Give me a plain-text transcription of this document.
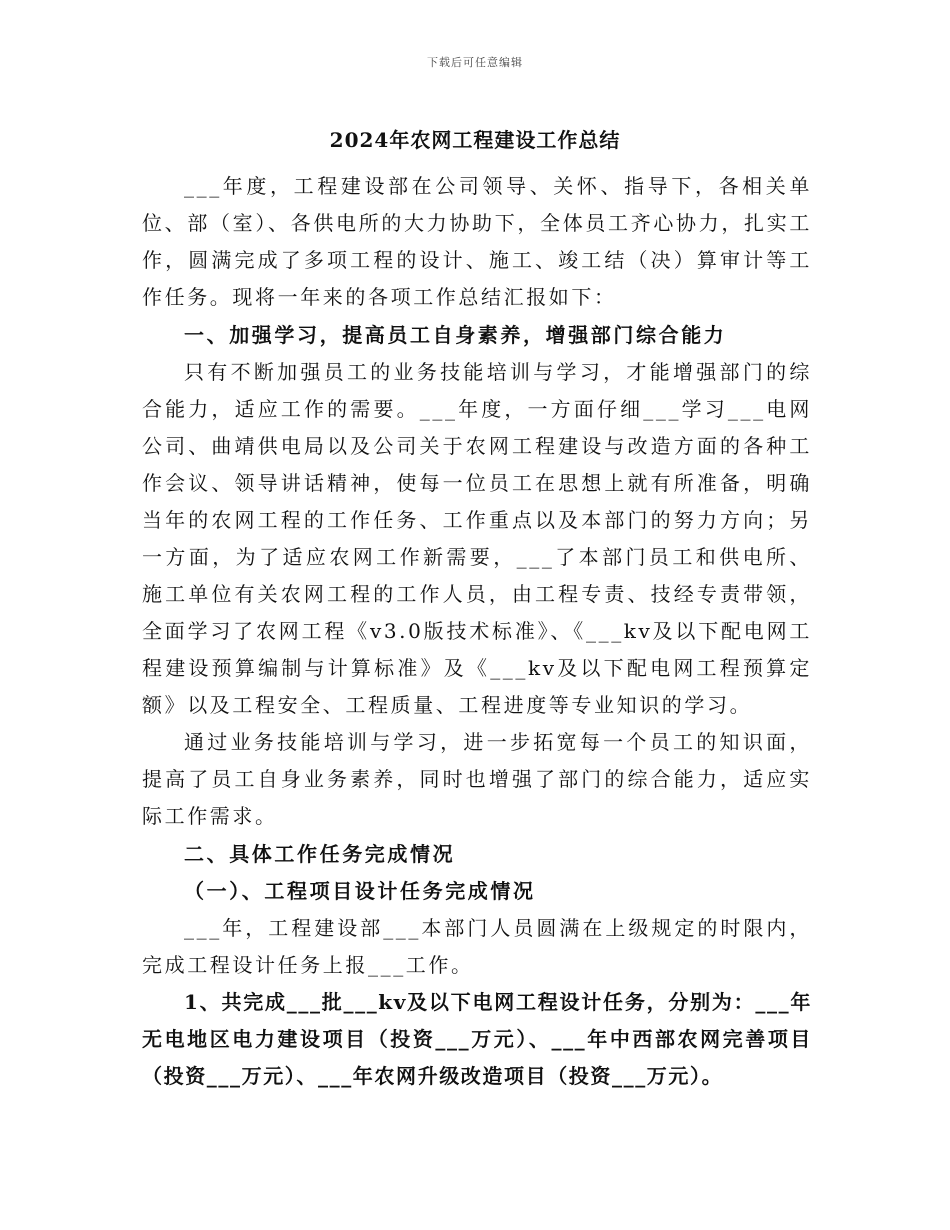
下载后可任意编辑
2024年农网工程建设工作总结

___年度，工程建设部在公司领导、关怀、指导下，各相关单位、部（室）、各供电所的大力协助下，全体员工齐心协力，扎实工作，圆满完成了多项工程的设计、施工、竣工结（决）算审计等工作任务。现将一年来的各项工作总结汇报如下：

一、加强学习，提高员工自身素养，增强部门综合能力

只有不断加强员工的业务技能培训与学习，才能增强部门的综合能力，适应工作的需要。___年度，一方面仔细___学习___电网公司、曲靖供电局以及公司关于农网工程建设与改造方面的各种工作会议、领导讲话精神，使每一位员工在思想上就有所准备，明确当年的农网工程的工作任务、工作重点以及本部门的努力方向；另一方面，为了适应农网工作新需要，___了本部门员工和供电所、施工单位有关农网工程的工作人员，由工程专责、技经专责带领，全面学习了农网工程《v3.0版技术标准》、《___kv及以下配电网工程建设预算编制与计算标准》及《___kv及以下配电网工程预算定额》以及工程安全、工程质量、工程进度等专业知识的学习。

通过业务技能培训与学习，进一步拓宽每一个员工的知识面，提高了员工自身业务素养，同时也增强了部门的综合能力，适应实际工作需求。

二、具体工作任务完成情况

（一）、工程项目设计任务完成情况

___年，工程建设部___本部门人员圆满在上级规定的时限内，完成工程设计任务上报___工作。

1、共完成___批___kv及以下电网工程设计任务，分别为：___年无电地区电力建设项目（投资___万元）、___年中西部农网完善项目（投资___万元）、___年农网升级改造项目（投资___万元）。
